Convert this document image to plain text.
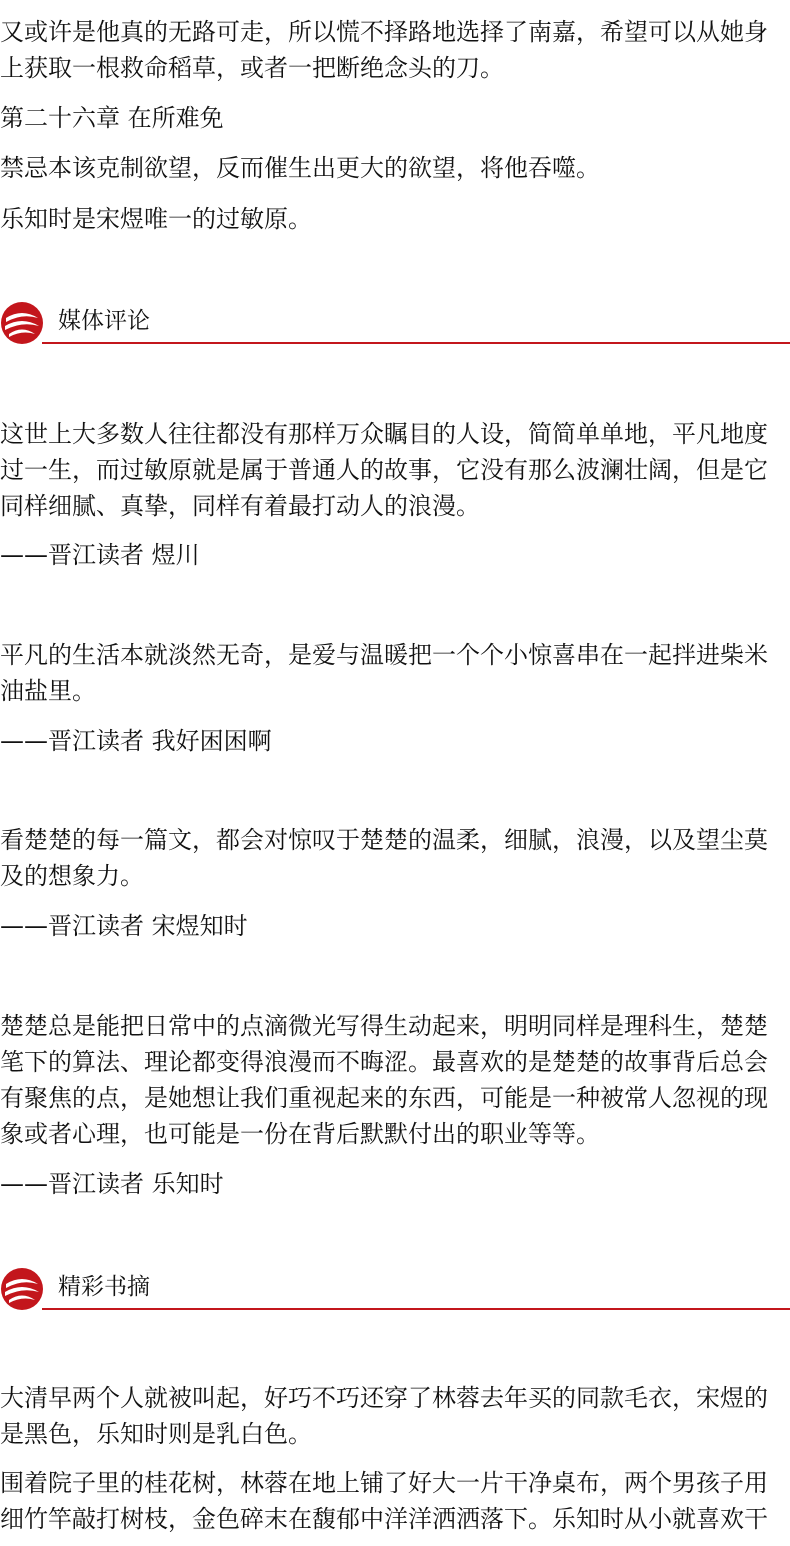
又或许是他真的无路可走，所以慌不择路地选择了南嘉，希望可以从她身
上获取一根救命稻草，或者一把断绝念头的刀。
第二十六章 在所难免
禁忌本该克制欲望，反而催生出更大的欲望，将他吞噬。
乐知时是宋煜唯一的过敏原。
媒体评论
这世上大多数人往往都没有那样万众瞩目的人设，简简单单地，平凡地度
过一生，而过敏原就是属于普通人的故事，它没有那么波澜壮阔，但是它
同样细腻、真挚，同样有着最打动人的浪漫。
——晋江读者 煜川
平凡的生活本就淡然无奇，是爱与温暖把一个个小惊喜串在一起拌进柴米
油盐里。
——晋江读者 我好困困啊
看楚楚的每一篇文，都会对惊叹于楚楚的温柔，细腻，浪漫，以及望尘莫
及的想象力。
——晋江读者 宋煜知时
楚楚总是能把日常中的点滴微光写得生动起来，明明同样是理科生，楚楚
笔下的算法、理论都变得浪漫而不晦涩。最喜欢的是楚楚的故事背后总会
有聚焦的点，是她想让我们重视起来的东西，可能是一种被常人忽视的现
象或者心理，也可能是一份在背后默默付出的职业等等。
——晋江读者 乐知时
精彩书摘
大清早两个人就被叫起，好巧不巧还穿了林蓉去年买的同款毛衣，宋煜的
是黑色，乐知时则是乳白色。
围着院子里的桂花树，林蓉在地上铺了好大一片干净桌布，两个男孩子用
细竹竿敲打树枝，金色碎末在馥郁中洋洋洒洒落下。乐知时从小就喜欢干
